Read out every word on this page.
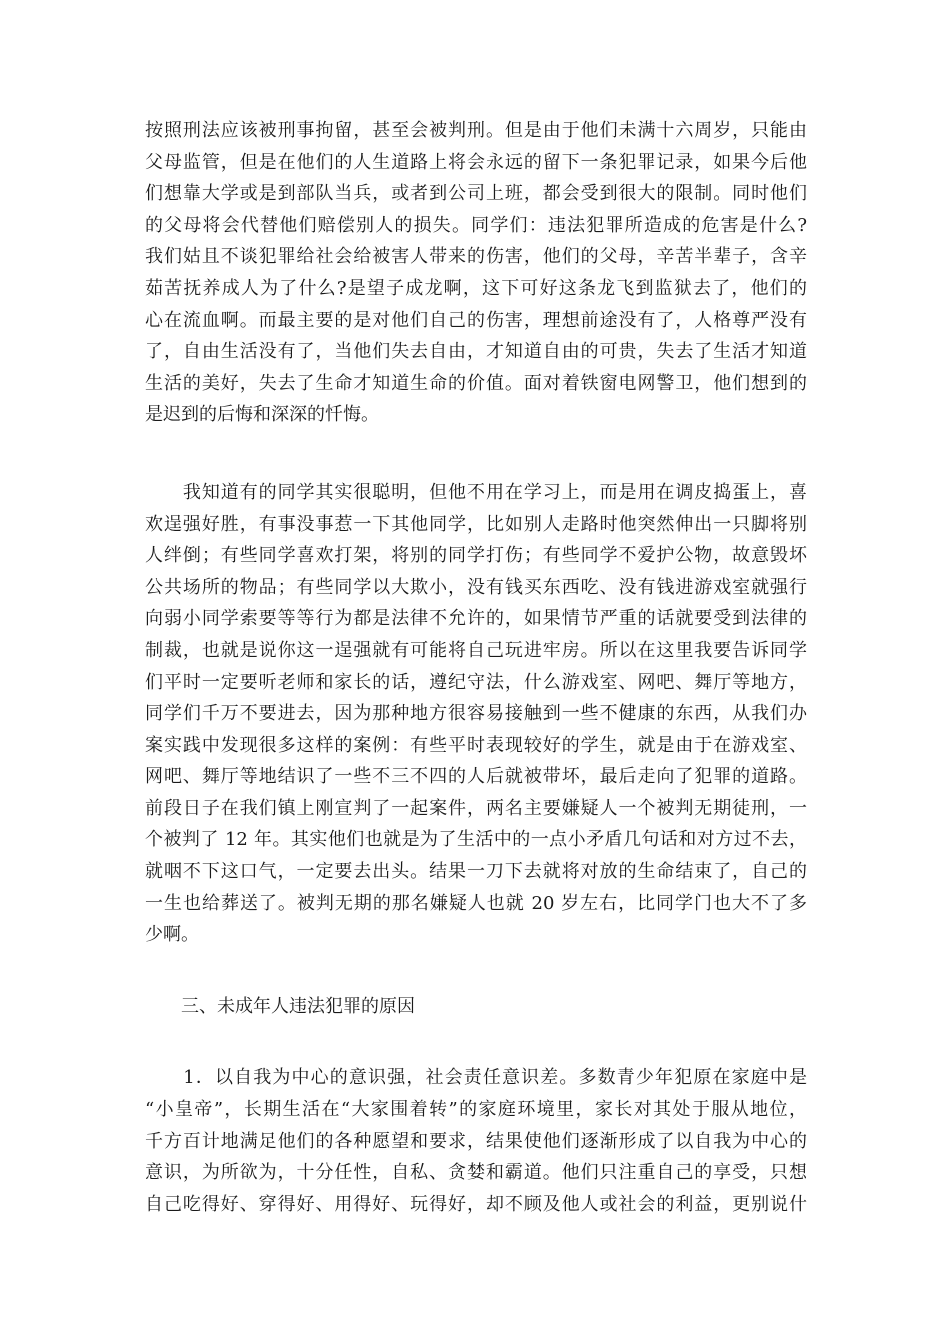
按照刑法应该被刑事拘留，甚至会被判刑。但是由于他们未满十六周岁，只能由
父母监管，但是在他们的人生道路上将会永远的留下一条犯罪记录，如果今后他
们想靠大学或是到部队当兵，或者到公司上班，都会受到很大的限制。同时他们
的父母将会代替他们赔偿别人的损失。同学们：违法犯罪所造成的危害是什么?
我们姑且不谈犯罪给社会给被害人带来的伤害，他们的父母，辛苦半辈子，含辛
茹苦抚养成人为了什么?是望子成龙啊，这下可好这条龙飞到监狱去了，他们的
心在流血啊。而最主要的是对他们自己的伤害，理想前途没有了，人格尊严没有
了，自由生活没有了，当他们失去自由，才知道自由的可贵，失去了生活才知道
生活的美好，失去了生命才知道生命的价值。面对着铁窗电网警卫，他们想到的
是迟到的后悔和深深的忏悔。
　　我知道有的同学其实很聪明，但他不用在学习上，而是用在调皮捣蛋上，喜
欢逞强好胜，有事没事惹一下其他同学，比如别人走路时他突然伸出一只脚将别
人绊倒；有些同学喜欢打架，将别的同学打伤；有些同学不爱护公物，故意毁坏
公共场所的物品；有些同学以大欺小，没有钱买东西吃、没有钱进游戏室就强行
向弱小同学索要等等行为都是法律不允许的，如果情节严重的话就要受到法律的
制裁，也就是说你这一逞强就有可能将自己玩进牢房。所以在这里我要告诉同学
们平时一定要听老师和家长的话，遵纪守法，什么游戏室、网吧、舞厅等地方，
同学们千万不要进去，因为那种地方很容易接触到一些不健康的东西，从我们办
案实践中发现很多这样的案例：有些平时表现较好的学生，就是由于在游戏室、
网吧、舞厅等地结识了一些不三不四的人后就被带坏，最后走向了犯罪的道路。
前段日子在我们镇上刚宣判了一起案件，两名主要嫌疑人一个被判无期徒刑，一
个被判了 12 年。其实他们也就是为了生活中的一点小矛盾几句话和对方过不去，
就咽不下这口气，一定要去出头。结果一刀下去就将对放的生命结束了，自己的
一生也给葬送了。被判无期的那名嫌疑人也就 20 岁左右，比同学门也大不了多
少啊。
　　三、未成年人违法犯罪的原因
　　1．以自我为中心的意识强，社会责任意识差。多数青少年犯原在家庭中是
“小皇帝”，长期生活在“大家围着转”的家庭环境里，家长对其处于服从地位，
千方百计地满足他们的各种愿望和要求，结果使他们逐渐形成了以自我为中心的
意识，为所欲为，十分任性，自私、贪婪和霸道。他们只注重自己的享受，只想
自己吃得好、穿得好、用得好、玩得好，却不顾及他人或社会的利益，更别说什
